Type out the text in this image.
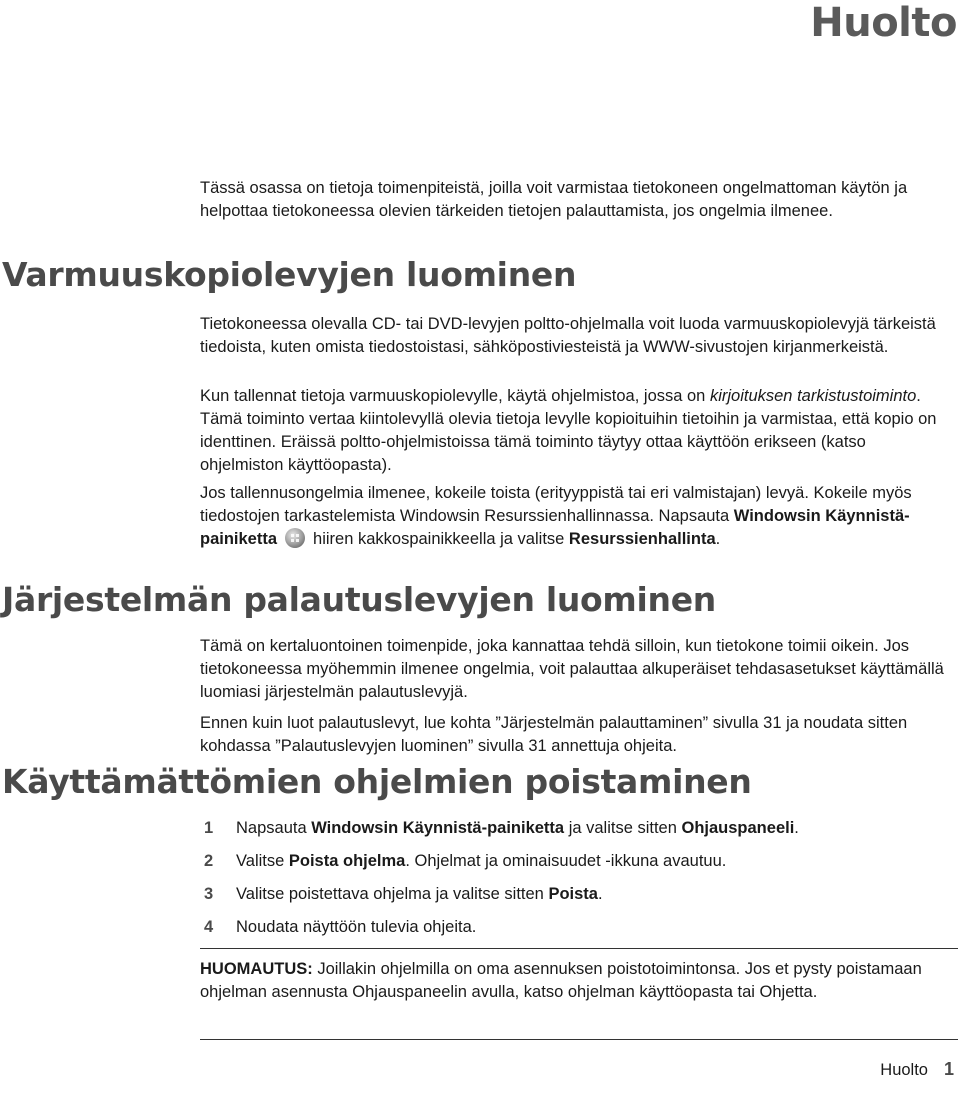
Huolto

Tässä osassa on tietoja toimenpiteistä, joilla voit varmistaa tietokoneen ongelmattoman käytön ja helpottaa tietokoneessa olevien tärkeiden tietojen palauttamista, jos ongelmia ilmenee.

Varmuuskopiolevyjen luominen

Tietokoneessa olevalla CD- tai DVD-levyjen poltto-ohjelmalla voit luoda varmuuskopiolevyjä tärkeistä tiedoista, kuten omista tiedostoistasi, sähköpostiviesteistä ja WWW-sivustojen kirjanmerkeistä.

Kun tallennat tietoja varmuuskopiolevylle, käytä ohjelmistoa, jossa on kirjoituksen tarkistustoiminto. Tämä toiminto vertaa kiintolevyllä olevia tietoja levylle kopioituihin tietoihin ja varmistaa, että kopio on identtinen. Eräissä poltto-ohjelmistoissa tämä toiminto täytyy ottaa käyttöön erikseen (katso ohjelmiston käyttöopasta).

Jos tallennusongelmia ilmenee, kokeile toista (erityyppistä tai eri valmistajan) levyä. Kokeile myös tiedostojen tarkastelemista Windowsin Resurssienhallinnassa. Napsauta Windowsin Käynnistä-painiketta hiiren kakkospainikkeella ja valitse Resurssienhallinta.

Järjestelmän palautuslevyjen luominen

Tämä on kertaluontoinen toimenpide, joka kannattaa tehdä silloin, kun tietokone toimii oikein. Jos tietokoneessa myöhemmin ilmenee ongelmia, voit palauttaa alkuperäiset tehdasasetukset käyttämällä luomiasi järjestelmän palautuslevyjä.

Ennen kuin luot palautuslevyt, lue kohta ”Järjestelmän palauttaminen” sivulla 31 ja noudata sitten kohdassa ”Palautuslevyjen luominen” sivulla 31 annettuja ohjeita.

Käyttämättömien ohjelmien poistaminen
1	Napsauta Windowsin Käynnistä-painiketta ja valitse sitten Ohjauspaneeli.
2	Valitse Poista ohjelma. Ohjelmat ja ominaisuudet -ikkuna avautuu.
3	Valitse poistettava ohjelma ja valitse sitten Poista.
4	Noudata näyttöön tulevia ohjeita.

HUOMAUTUS: Joillakin ohjelmilla on oma asennuksen poistotoimintonsa. Jos et pysty poistamaan ohjelman asennusta Ohjauspaneelin avulla, katso ohjelman käyttöopasta tai Ohjetta.

Huolto 1
